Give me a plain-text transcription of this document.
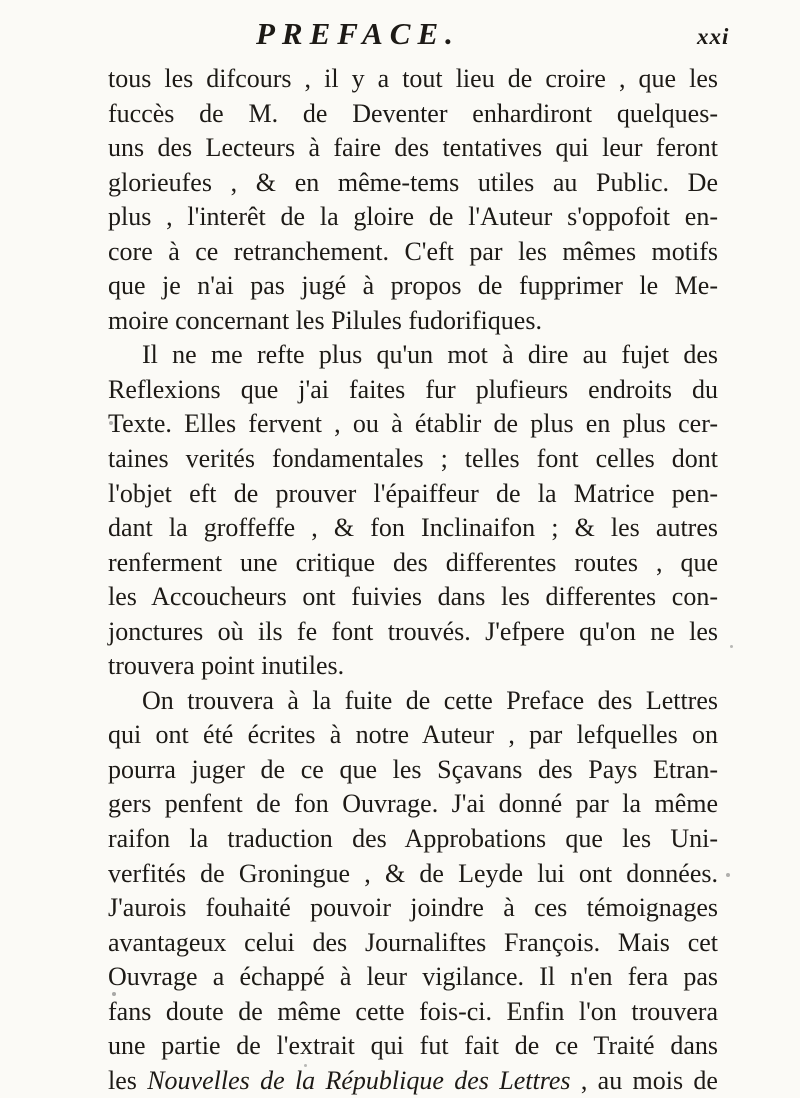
PREFACE.	xxi
tous les difcours , il y a tout lieu de croire , que les
fuccès de M. de Deventer enhardiront quelques-
uns des Lecteurs à faire des tentatives qui leur feront
glorieufes , & en même-tems utiles au Public. De
plus , l'interêt de la gloire de l'Auteur s'oppofoit en-
core à ce retranchement. C'eft par les mêmes motifs
que je n'ai pas jugé à propos de fupprimer le Me-
moire concernant les Pilules fudorifiques.
Il ne me refte plus qu'un mot à dire au fujet des
Reflexions que j'ai faites fur plufieurs endroits du
Texte. Elles fervent , ou à établir de plus en plus cer-
taines verités fondamentales ; telles font celles dont
l'objet eft de prouver l'épaiffeur de la Matrice pen-
dant la groffeffe , & fon Inclinaifon ; & les autres
renferment une critique des differentes routes , que
les Accoucheurs ont fuivies dans les differentes con-
jonctures où ils fe font trouvés. J'efpere qu'on ne les
trouvera point inutiles.
On trouvera à la fuite de cette Preface des Lettres
qui ont été écrites à notre Auteur , par lefquelles on
pourra juger de ce que les Sçavans des Pays Etran-
gers penfent de fon Ouvrage. J'ai donné par la même
raifon la traduction des Approbations que les Uni-
verfités de Groningue , & de Leyde lui ont données.
J'aurois fouhaité pouvoir joindre à ces témoignages
avantageux celui des Journaliftes François. Mais cet
Ouvrage a échappé à leur vigilance. Il n'en fera pas
fans doute de même cette fois-ci. Enfin l'on trouvera
une partie de l'extrait qui fut fait de ce Traité dans
les Nouvelles de la République des Lettres , au mois de
